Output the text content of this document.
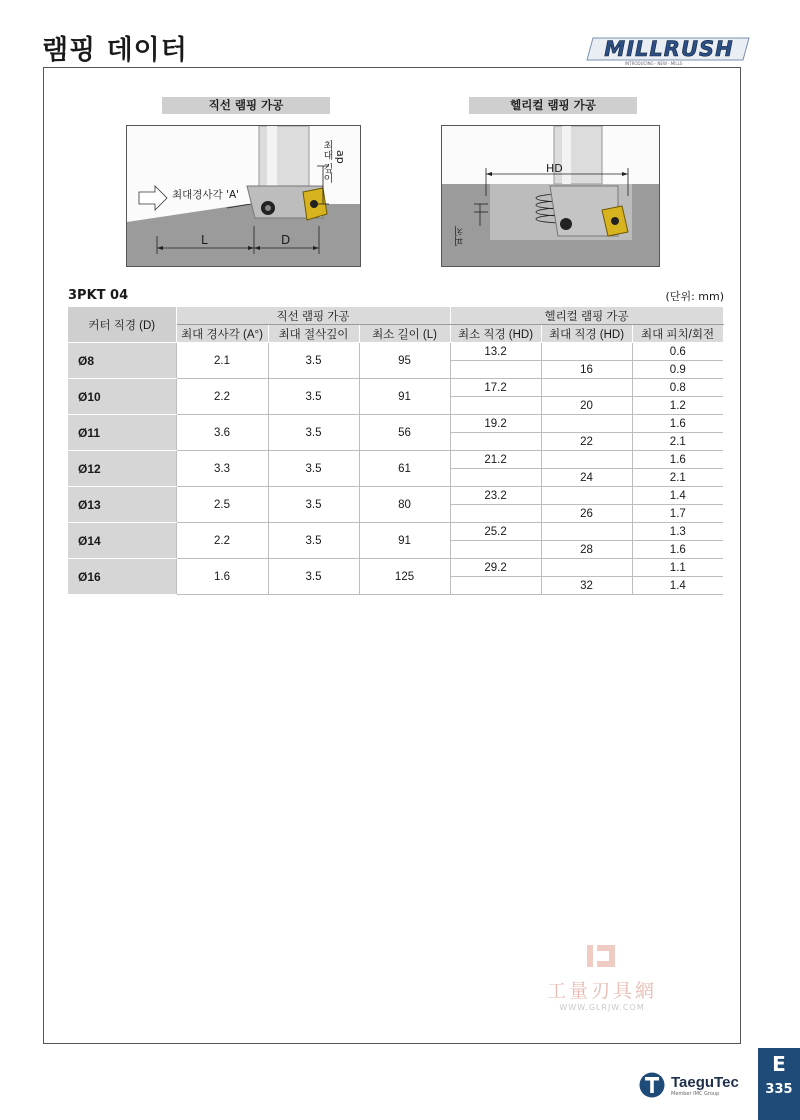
램핑 데이터	MILLRUSH
INTRODUCING · NEW · MILLS
직선 램핑 가공
최대경사각 'A'
최대 깊이 ap
L	D
헬리컬 램핑 가공
HD
피치
3PKT 04	(단위: mm)
커터 직경 (D)	직선 램핑 가공			헬리컬 램핑 가공		
	최대 경사각 (A°)	최대 절삭깊이	최소 길이 (L)	최소 직경 (HD)	최대 직경 (HD)	최대 피치/회전
Ø8	2.1	3.5	95	13.2		0.6
					16	0.9
Ø10	2.2	3.5	91	17.2		0.8
					20	1.2
Ø11	3.6	3.5	56	19.2		1.6
					22	2.1
Ø12	3.3	3.5	61	21.2		1.6
					24	2.1
Ø13	2.5	3.5	80	23.2		1.4
					26	1.7
Ø14	2.2	3.5	91	25.2		1.3
					28	1.6
Ø16	1.6	3.5	125	29.2		1.1
					32	1.4
工量刃具網
WWW.GLRJW.COM
TaeguTec
Member IMC Group
E
335
